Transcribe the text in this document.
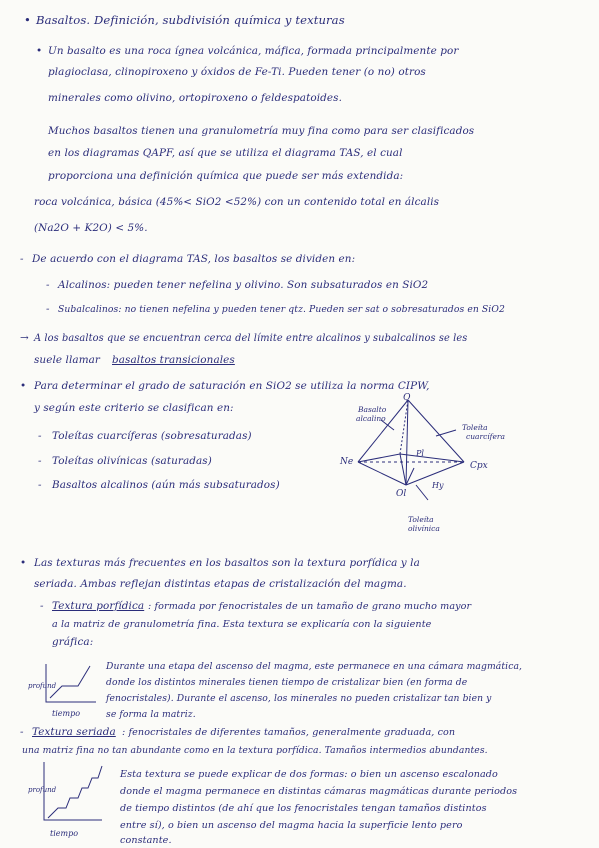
• Basaltos. Definición, subdivisión química y texturas
• Un basalto es una roca ígnea volcánica, máfica, formada principalmente por
plagioclasa, clinopiroxeno y óxidos de Fe-Ti. Pueden tener (o no) otros
minerales como olivino, ortopiroxeno o feldespatoides.
Muchos basaltos tienen una granulometría muy fina como para ser clasificados
en los diagramas QAPF, así que se utiliza el diagrama TAS, el cual
proporciona una definición química que puede ser más extendida:
roca volcánica, básica (45%< SiO2 <52%) con un contenido total en álcalis
(Na2O + K2O) < 5%.
- De acuerdo con el diagrama TAS, los basaltos se dividen en:
- Alcalinos: pueden tener nefelina y olivino. Son subsaturados en SiO2
- Subalcalinos: no tienen nefelina y pueden tener qtz. Pueden ser sat o sobresaturados en SiO2
→ A los basaltos que se encuentran cerca del límite entre alcalinos y subalcalinos se les
suele llamar basaltos transicionales
• Para determinar el grado de saturación en SiO2 se utiliza la norma CIPW,
y según este criterio se clasifican en:
- Toleítas cuarcíferas (sobresaturadas)
- Toleítas olivínicas (saturadas)
- Basaltos alcalinos (aún más subsaturados)
Q
Ne
Ol
Cpx
Hy
Pl
Basalto
alcalino
Toleíta
cuarcífera
Toleíta
olivínica
• Las texturas más frecuentes en los basaltos son la textura porfídica y la
seriada. Ambas reflejan distintas etapas de cristalización del magma.
- Textura porfídica : formada por fenocristales de un tamaño de grano mucho mayor
a la matriz de granulometría fina. Esta textura se explicaría con la siguiente
gráfica:
profund
tiempo
Durante una etapa del ascenso del magma, este permanece en una cámara magmática,
donde los distintos minerales tienen tiempo de cristalizar bien (en forma de
fenocristales). Durante el ascenso, los minerales no pueden cristalizar tan bien y
se forma la matriz.
- Textura seriada : fenocristales de diferentes tamaños, generalmente graduada, con
una matriz fina no tan abundante como en la textura porfídica. Tamaños intermedios abundantes.
profund
tiempo
Esta textura se puede explicar de dos formas: o bien un ascenso escalonado
donde el magma permanece en distintas cámaras magmáticas durante periodos
de tiempo distintos (de ahí que los fenocristales tengan tamaños distintos
entre sí), o bien un ascenso del magma hacia la superficie lento pero
constante.
